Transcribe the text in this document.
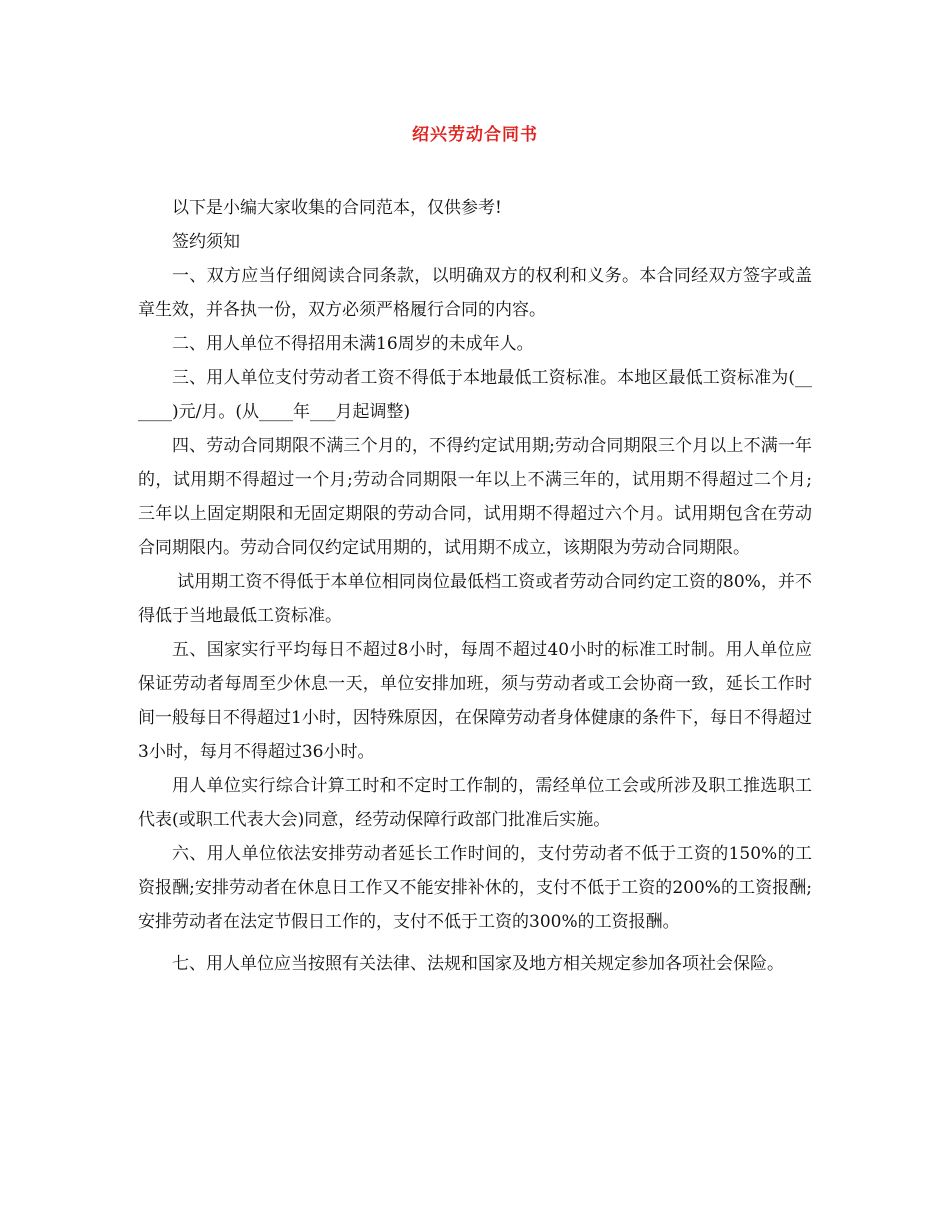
绍兴劳动合同书

以下是小编大家收集的合同范本，仅供参考!

签约须知

一、双方应当仔细阅读合同条款，以明确双方的权利和义务。本合同经双方签字或盖章生效，并各执一份，双方必须严格履行合同的内容。

二、用人单位不得招用未满16周岁的未成年人。

三、用人单位支付劳动者工资不得低于本地最低工资标准。本地区最低工资标准为(______)元/月。(从____年___月起调整)

四、劳动合同期限不满三个月的，不得约定试用期;劳动合同期限三个月以上不满一年的，试用期不得超过一个月;劳动合同期限一年以上不满三年的，试用期不得超过二个月;三年以上固定期限和无固定期限的劳动合同，试用期不得超过六个月。试用期包含在劳动合同期限内。劳动合同仅约定试用期的，试用期不成立，该期限为劳动合同期限。

试用期工资不得低于本单位相同岗位最低档工资或者劳动合同约定工资的80%，并不得低于当地最低工资标准。

五、国家实行平均每日不超过8小时，每周不超过40小时的标准工时制。用人单位应保证劳动者每周至少休息一天，单位安排加班，须与劳动者或工会协商一致，延长工作时间一般每日不得超过1小时，因特殊原因，在保障劳动者身体健康的条件下，每日不得超过3小时，每月不得超过36小时。

用人单位实行综合计算工时和不定时工作制的，需经单位工会或所涉及职工推选职工代表(或职工代表大会)同意，经劳动保障行政部门批准后实施。

六、用人单位依法安排劳动者延长工作时间的，支付劳动者不低于工资的150%的工资报酬;安排劳动者在休息日工作又不能安排补休的，支付不低于工资的200%的工资报酬;安排劳动者在法定节假日工作的，支付不低于工资的300%的工资报酬。

七、用人单位应当按照有关法律、法规和国家及地方相关规定参加各项社会保险。
